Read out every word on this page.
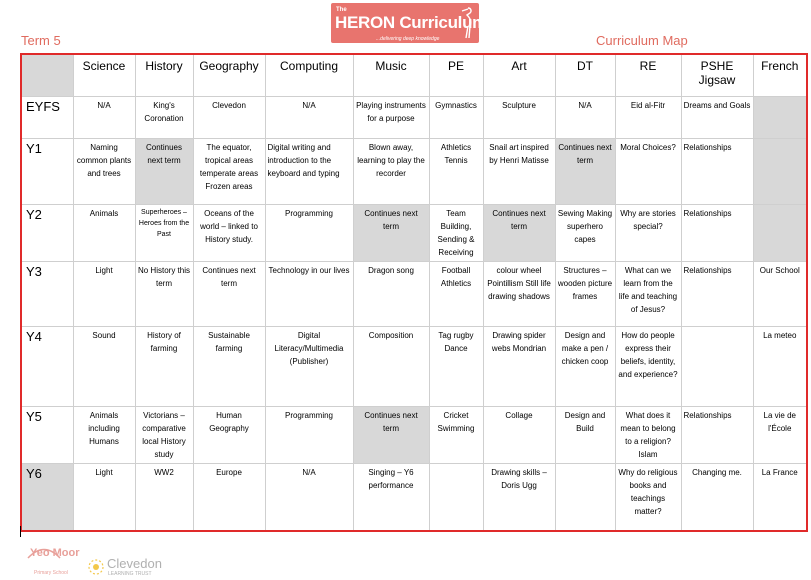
The
HERON Curriculum
...delivering deep knowledge
Term 5	Curriculum Map
	Science	History	Geography	Computing	Music	PE	Art	DT	RE	PSHE Jigsaw	French
EYFS	N/A	King's Coronation	Clevedon	N/A	Playing instruments for a purpose	Gymnastics	Sculpture	N/A	Eid al-Fitr	Dreams and Goals	
Y1	Naming common plants and trees	Continues next term	The equator, tropical areas temperate areas Frozen areas	Digital writing and introduction to the keyboard and typing	Blown away, learning to play the recorder	Athletics Tennis	Snail art inspired by Henri Matisse	Continues next term	Moral Choices?	Relationships	
Y2	Animals	Superheroes – Heroes from the Past	Oceans of the world – linked to History study.	Programming	Continues next term	Team Building, Sending & Receiving	Continues next term	Sewing Making superhero capes	Why are stories special?	Relationships	
Y3	Light	No History this term	Continues next term	Technology in our lives	Dragon song	Football Athletics	colour wheel Pointillism Still life drawing shadows	Structures – wooden picture frames	What can we learn from the life and teaching of Jesus?	Relationships	Our School
Y4	Sound	History of farming	Sustainable farming	Digital Literacy/Multimedia (Publisher)	Composition	Tag rugby Dance	Drawing spider webs Mondrian	Design and make a pen / chicken coop	How do people express their beliefs, identity, and experience?		La meteo
Y5	Animals including Humans	Victorians – comparative local History study	Human Geography	Programming	Continues next term	Cricket Swimming	Collage	Design and Build	What does it mean to belong to a religion? Islam	Relationships	La vie de l'École
Y6	Light	WW2	Europe	N/A	Singing – Y6 performance		Drawing skills – Doris Ugg		Why do religious books and teachings matter?	Changing me.	La France
Yeo Moor
Primary School
Clevedon
LEARNING TRUST
